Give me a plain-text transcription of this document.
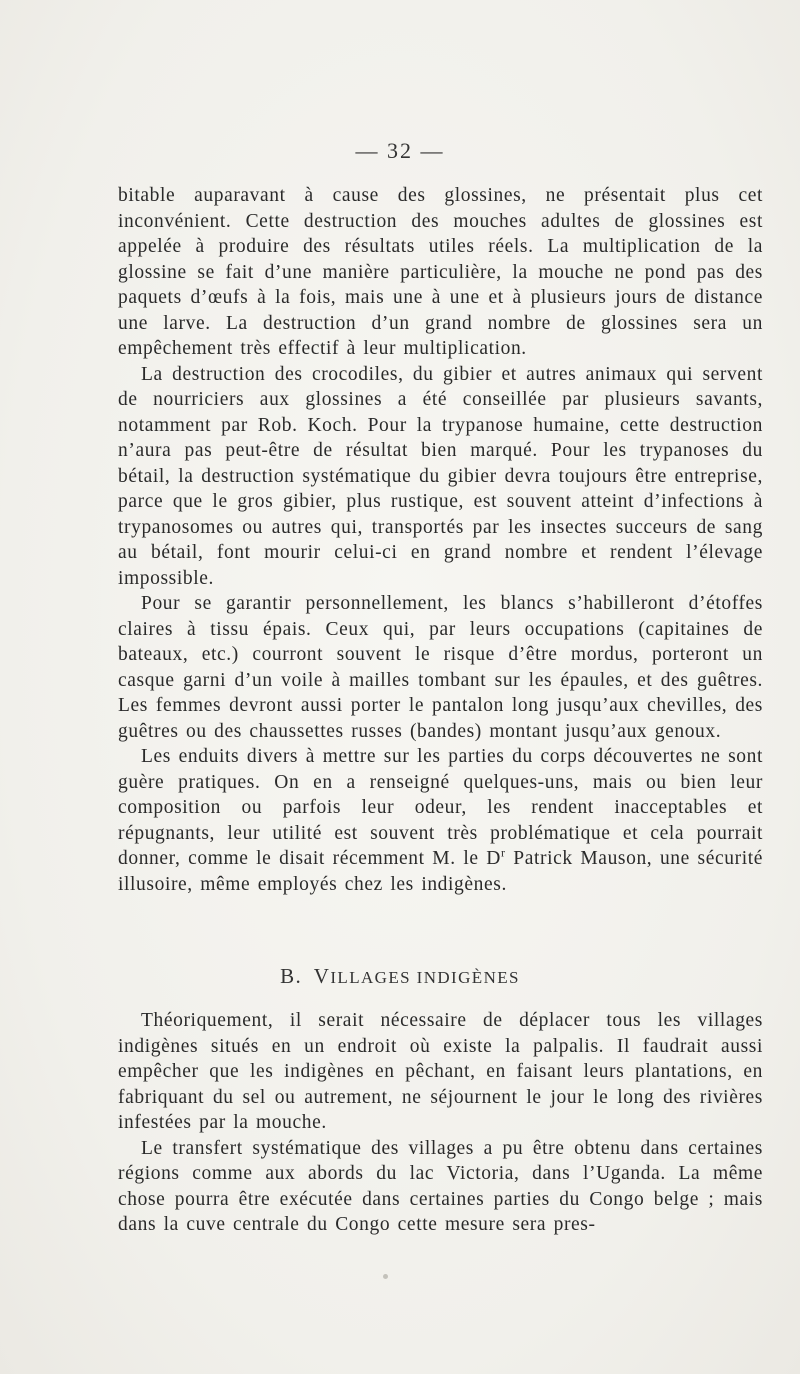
— 32 —

bitable auparavant à cause des glossines, ne présentait plus cet inconvénient. Cette destruction des mouches adultes de glossines est appelée à produire des résultats utiles réels. La multiplication de la glossine se fait d’une manière particulière, la mouche ne pond pas des paquets d’œufs à la fois, mais une à une et à plusieurs jours de distance une larve. La destruction d’un grand nombre de glossines sera un empêchement très effectif à leur multiplication.

La destruction des crocodiles, du gibier et autres animaux qui servent de nourriciers aux glossines a été conseillée par plusieurs savants, notamment par Rob. Koch. Pour la trypanose humaine, cette destruction n’aura pas peut-être de résultat bien marqué. Pour les trypanoses du bétail, la destruction systématique du gibier devra toujours être entreprise, parce que le gros gibier, plus rustique, est souvent atteint d’infections à trypanosomes ou autres qui, transportés par les insectes succeurs de sang au bétail, font mourir celui-ci en grand nombre et rendent l’élevage impossible.

Pour se garantir personnellement, les blancs s’habilleront d’étoffes claires à tissu épais. Ceux qui, par leurs occupations (capitaines de bateaux, etc.) courront souvent le risque d’être mordus, porteront un casque garni d’un voile à mailles tombant sur les épaules, et des guêtres. Les femmes devront aussi porter le pantalon long jusqu’aux chevilles, des guêtres ou des chaussettes russes (bandes) montant jusqu’aux genoux.

Les enduits divers à mettre sur les parties du corps découvertes ne sont guère pratiques. On en a renseigné quelques-uns, mais ou bien leur composition ou parfois leur odeur, les rendent inacceptables et répugnants, leur utilité est souvent très problématique et cela pourrait donner, comme le disait récemment M. le $D^r$ Patrick Mauson, une sécurité illusoire, même employés chez les indigènes.

B. VILLAGES INDIGÈNES

Théoriquement, il serait nécessaire de déplacer tous les villages indigènes situés en un endroit où existe la palpalis. Il faudrait aussi empêcher que les indigènes en pêchant, en faisant leurs plantations, en fabriquant du sel ou autrement, ne séjournent le jour le long des rivières infestées par la mouche.

Le transfert systématique des villages a pu être obtenu dans certaines régions comme aux abords du lac Victoria, dans l’Uganda. La même chose pourra être exécutée dans certaines parties du Congo belge ; mais dans la cuve centrale du Congo cette mesure sera pres-
